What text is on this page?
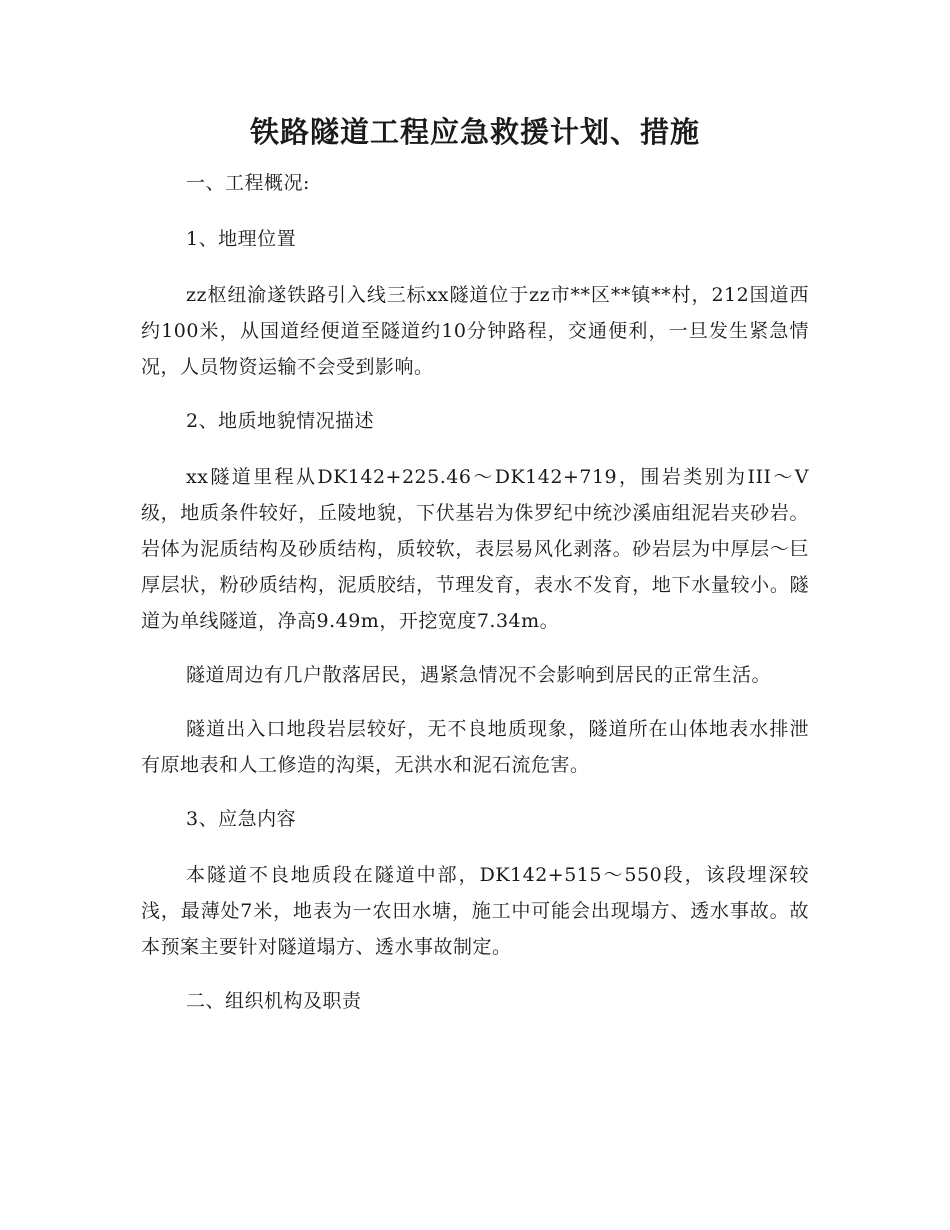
铁路隧道工程应急救援计划、措施
一、工程概况:
1、地理位置
zz枢纽渝遂铁路引入线三标xx隧道位于zz市**区**镇**村，212国道西约100米，从国道经便道至隧道约10分钟路程，交通便利，一旦发生紧急情况，人员物资运输不会受到影响。
2、地质地貌情况描述
xx隧道里程从DK142+225.46～DK142+719，围岩类别为III～V级，地质条件较好，丘陵地貌，下伏基岩为侏罗纪中统沙溪庙组泥岩夹砂岩。岩体为泥质结构及砂质结构，质较软，表层易风化剥落。砂岩层为中厚层～巨厚层状，粉砂质结构，泥质胶结，节理发育，表水不发育，地下水量较小。隧道为单线隧道，净高9.49m，开挖宽度7.34m。
隧道周边有几户散落居民，遇紧急情况不会影响到居民的正常生活。
隧道出入口地段岩层较好，无不良地质现象，隧道所在山体地表水排泄有原地表和人工修造的沟渠，无洪水和泥石流危害。
3、应急内容
本隧道不良地质段在隧道中部，DK142+515～550段，该段埋深较浅，最薄处7米，地表为一农田水塘，施工中可能会出现塌方、透水事故。故本预案主要针对隧道塌方、透水事故制定。
二、组织机构及职责
